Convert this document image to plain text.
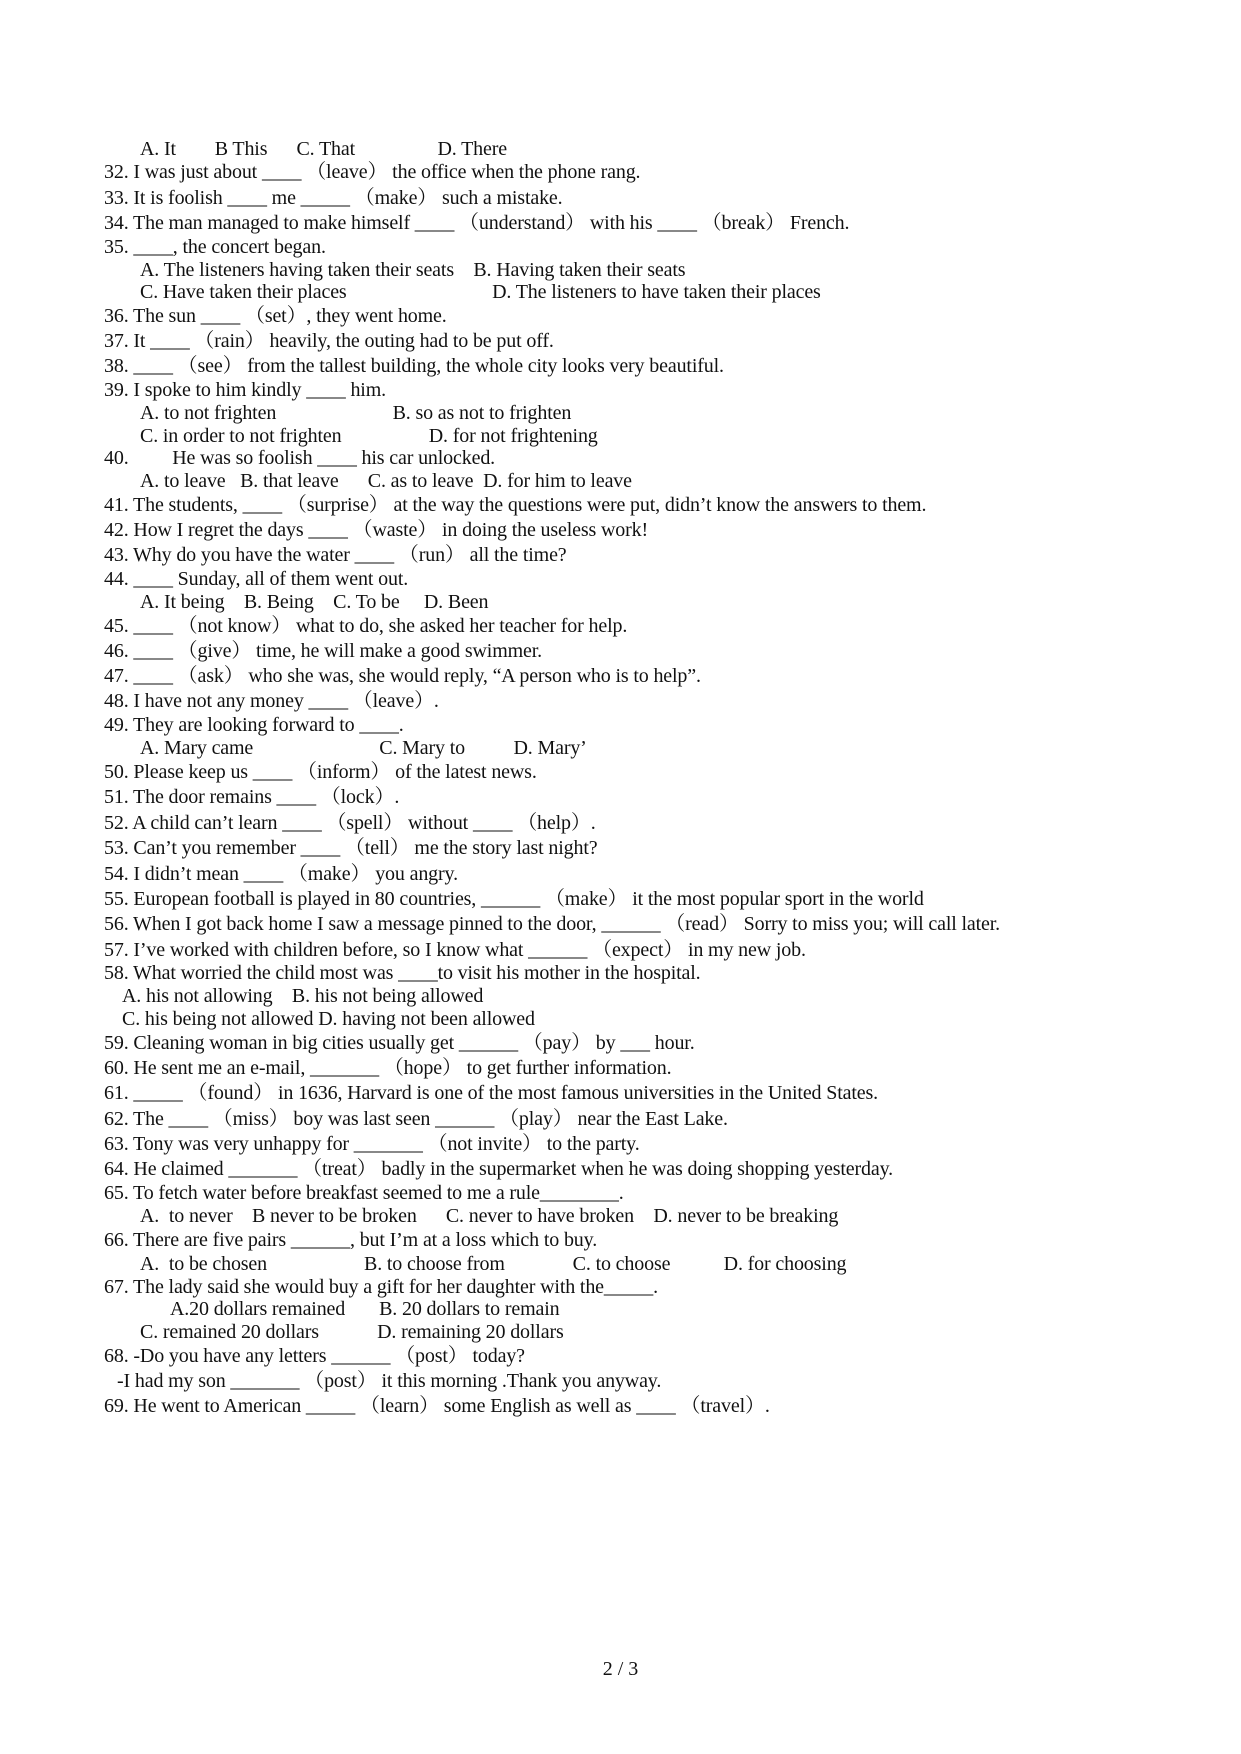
A. It        B This      C. That                 D. There
32. I was just about ____ （leave） the office when the phone rang.
33. It is foolish ____ me _____ （make） such a mistake.
34. The man managed to make himself ____ （understand） with his ____ （break） French.
35. ____, the concert began.
A. The listeners having taken their seats    B. Having taken their seats
C. Have taken their places                              D. The listeners to have taken their places
36. The sun ____ （set）, they went home.
37. It ____ （rain） heavily, the outing had to be put off.
38. ____ （see） from the tallest building, the whole city looks very beautiful.
39. I spoke to him kindly ____ him.
A. to not frighten                        B. so as not to frighten
C. in order to not frighten                  D. for not frightening
40.         He was so foolish ____ his car unlocked.
A. to leave   B. that leave      C. as to leave  D. for him to leave
41. The students, ____ （surprise） at the way the questions were put, didn’t know the answers to them.
42. How I regret the days ____ （waste） in doing the useless work!
43. Why do you have the water ____ （run） all the time?
44. ____ Sunday, all of them went out.
A. It being    B. Being    C. To be     D. Been
45. ____ （not know） what to do, she asked her teacher for help.
46. ____ （give） time, he will make a good swimmer.
47. ____ （ask） who she was, she would reply, “A person who is to help”.
48. I have not any money ____ （leave）.
49. They are looking forward to ____.
A. Mary came                          C. Mary to          D. Mary’
50. Please keep us ____ （inform） of the latest news.
51. The door remains ____ （lock）.
52. A child can’t learn ____ （spell） without ____ （help）.
53. Can’t you remember ____ （tell） me the story last night?
54. I didn’t mean ____ （make） you angry.
55. European football is played in 80 countries, ______ （make） it the most popular sport in the world
56. When I got back home I saw a message pinned to the door, ______ （read） Sorry to miss you; will call later.
57. I’ve worked with children before, so I know what ______ （expect） in my new job.
58. What worried the child most was ____to visit his mother in the hospital.
A. his not allowing    B. his not being allowed
C. his being not allowed D. having not been allowed
59. Cleaning woman in big cities usually get ______ （pay） by ___ hour.
60. He sent me an e-mail, _______ （hope） to get further information.
61. _____ （found） in 1636, Harvard is one of the most famous universities in the United States.
62. The ____ （miss） boy was last seen ______ （play） near the East Lake.
63. Tony was very unhappy for _______ （not invite） to the party.
64. He claimed _______ （treat） badly in the supermarket when he was doing shopping yesterday.
65. To fetch water before breakfast seemed to me a rule________.
A.  to never    B never to be broken      C. never to have broken    D. never to be breaking
66. There are five pairs ______, but I’m at a loss which to buy.
A.  to be chosen                    B. to choose from              C. to choose           D. for choosing
67. The lady said she would buy a gift for her daughter with the_____.
A.20 dollars remained       B. 20 dollars to remain
C. remained 20 dollars            D. remaining 20 dollars
68. -Do you have any letters ______ （post） today?
-I had my son _______ （post） it this morning .Thank you anyway.
69. He went to American _____ （learn） some English as well as ____ （travel）.
2 / 3
